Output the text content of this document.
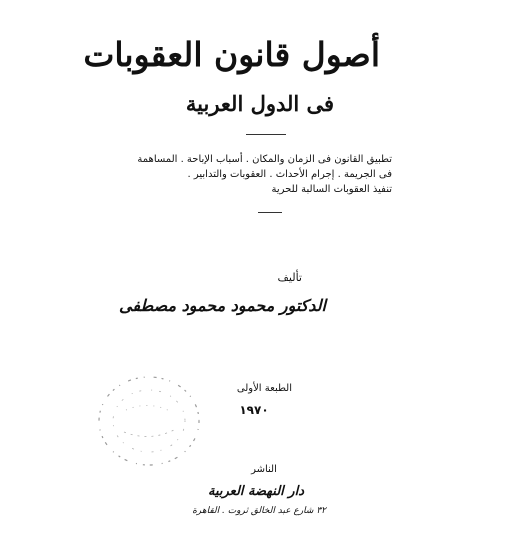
أصول قانون العقوبات
فى الدول العربية
تطبيق القانون فى الزمان والمكان . أسباب الإباحة . المساهمة
فى الجريمة . إجرام الأحداث . العقوبات والتدابير .
تنفيذ العقوبات السالبة للحرية
تأليف
الدكتور محمود محمود مصطفى
الطبعة الأولى
١٩٧٠
الناشر
دار النهضة العربية
٣٢ شارع عبد الخالق ثروت . القاهرة
